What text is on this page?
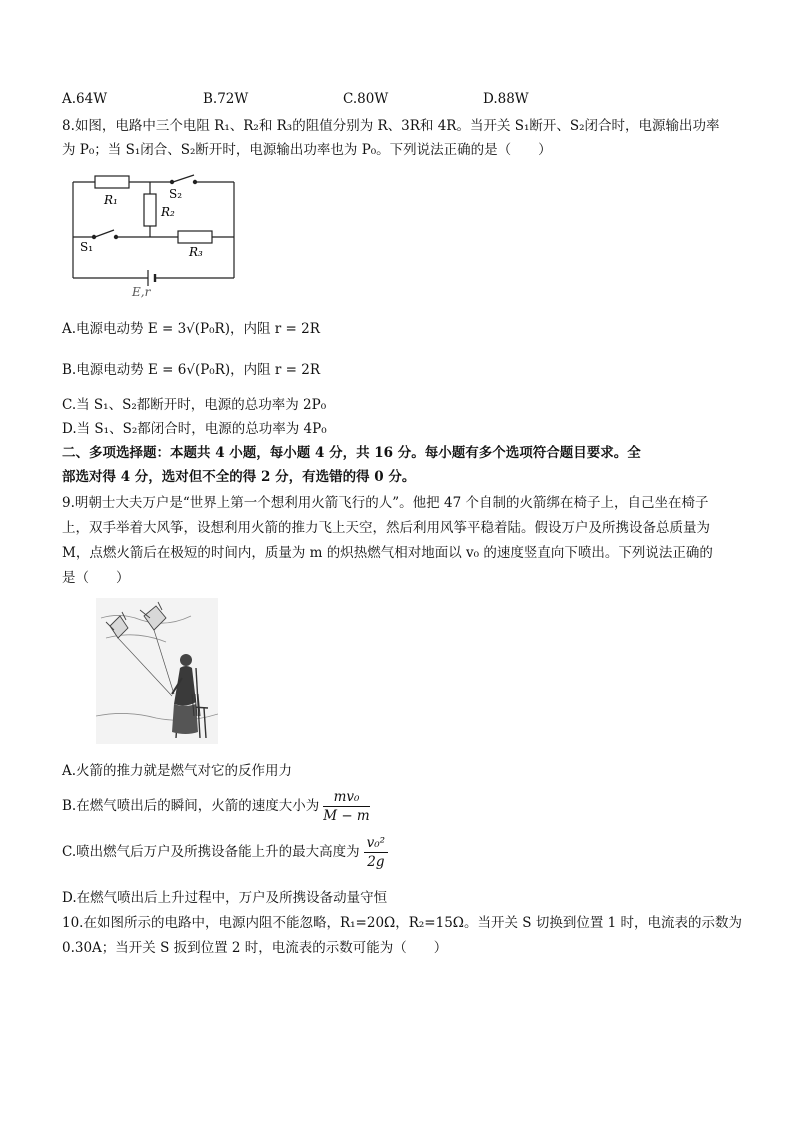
A.64W	B.72W	C.80W	D.88W
8.如图，电路中三个电阻 R₁、R₂和 R₃的阻值分别为 R、3R和 4R。当开关 S₁断开、S₂闭合时，电源输出功率
为 P₀；当 S₁闭合、S₂断开时，电源输出功率也为 P₀。下列说法正确的是（　　）
R₁
R₂
R₃
S₁
S₂
E,r
A.电源电动势 E = 3√(P₀R)，内阻 r = 2R
B.电源电动势 E = 6√(P₀R)，内阻 r = 2R
C.当 S₁、S₂都断开时，电源的总功率为 2P₀
D.当 S₁、S₂都闭合时，电源的总功率为 4P₀
二、多项选择题：本题共 4 小题，每小题 4 分，共 16 分。每小题有多个选项符合题目要求。全
部选对得 4 分，选对但不全的得 2 分，有选错的得 0 分。
9.明朝士大夫万户是“世界上第一个想利用火箭飞行的人”。他把 47 个自制的火箭绑在椅子上，自己坐在椅子
上，双手举着大风筝，设想利用火箭的推力飞上天空，然后利用风筝平稳着陆。假设万户及所携设备总质量为
M，点燃火箭后在极短的时间内，质量为 m 的炽热燃气相对地面以 v₀ 的速度竖直向下喷出。下列说法正确的
是（　　）
A.火箭的推力就是燃气对它的反作用力
B.在燃气喷出后的瞬间，火箭的速度大小为 $\frac{\text{mv₀}}{M - m}$
C.喷出燃气后万户及所携设备能上升的最大高度为 $\frac{\text{v₀²}}{2g}$
D.在燃气喷出后上升过程中，万户及所携设备动量守恒
10.在如图所示的电路中，电源内阻不能忽略，R₁=20Ω，R₂=15Ω。当开关 S 切换到位置 1 时，电流表的示数为
0.30A；当开关 S 扳到位置 2 时，电流表的示数可能为（　　）
